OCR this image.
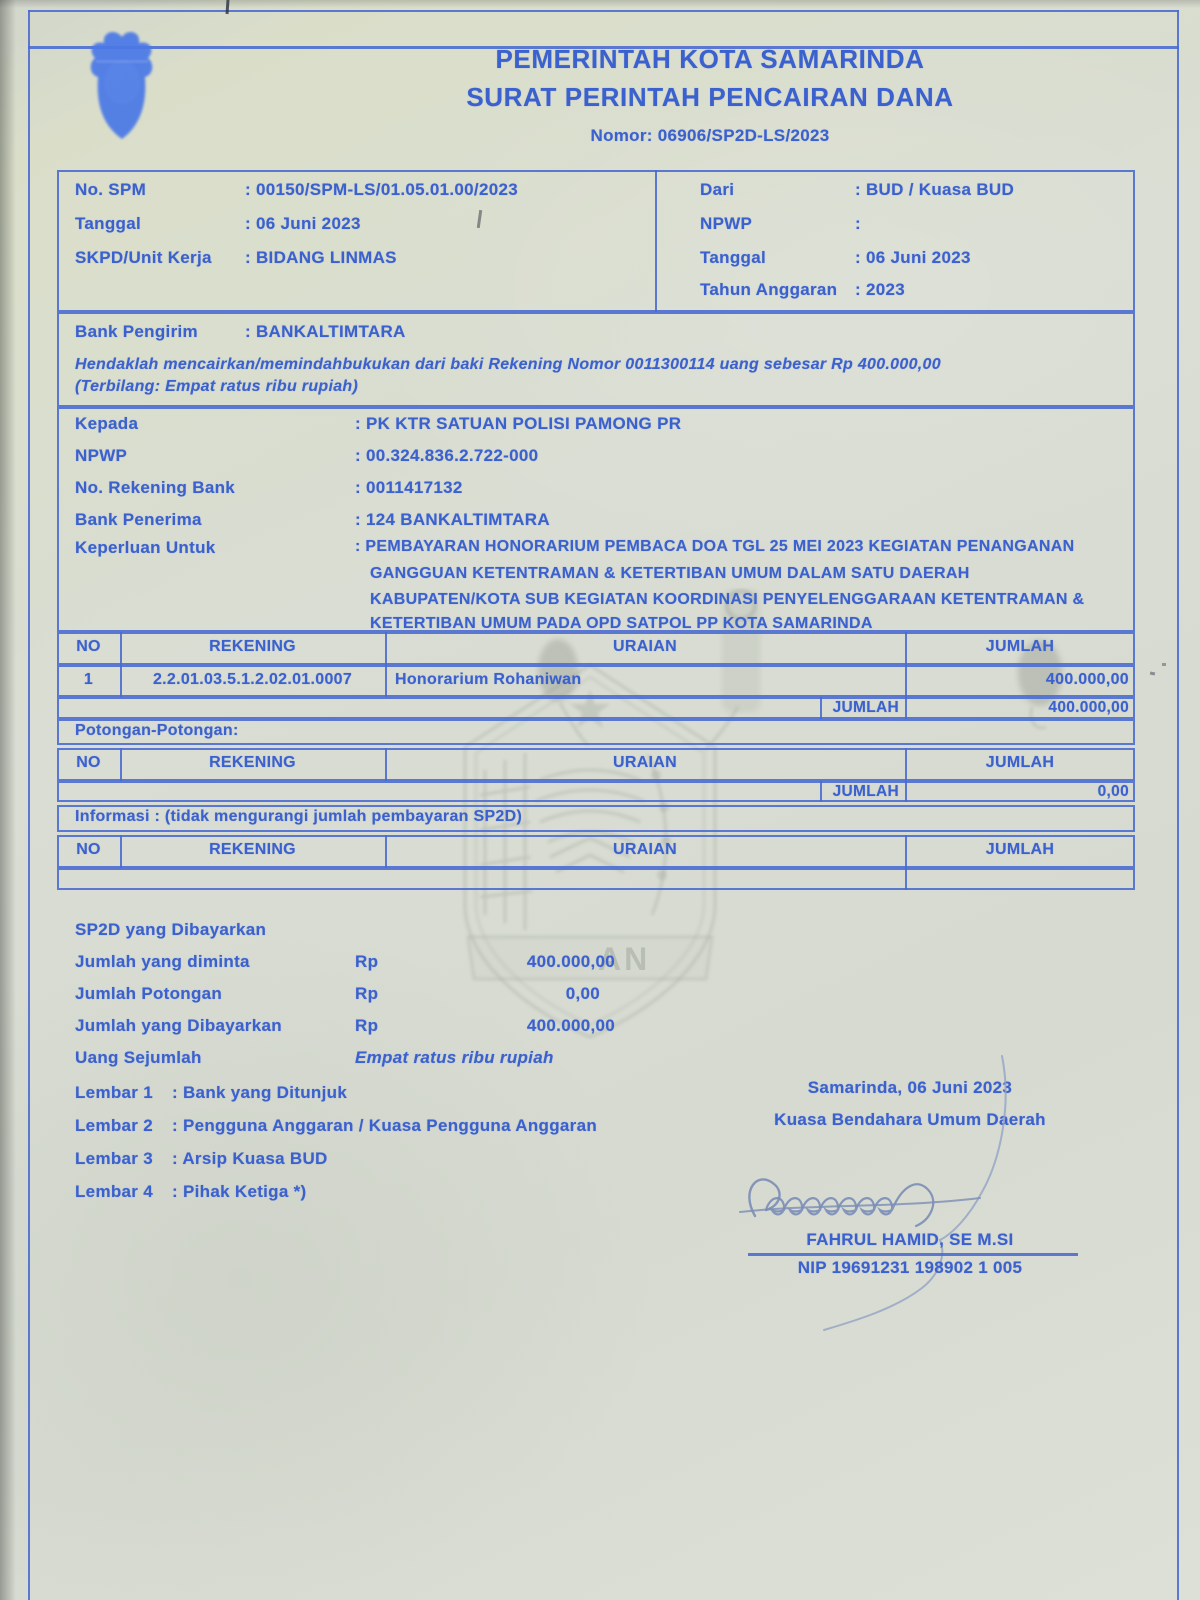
AN
PEMERINTAH KOTA SAMARINDA
SURAT PERINTAH PENCAIRAN DANA
Nomor: 06906/SP2D-LS/2023
No. SPM	: 00150/SPM-LS/01.05.01.00/2023
Tanggal	: 06 Juni 2023
SKPD/Unit Kerja : BIDANG LINMAS
Dari	: BUD / Kuasa BUD
NPWP	:
Tanggal	: 06 Juni 2023
Tahun Anggaran : 2023
Bank Pengirim	: BANKALTIMTARA
Hendaklah mencairkan/memindahbukukan dari baki Rekening Nomor 0011300114 uang sebesar Rp 400.000,00
(Terbilang: Empat ratus ribu rupiah)
Kepada	: PK KTR SATUAN POLISI PAMONG PR
NPWP	: 00.324.836.2.722-000
No. Rekening Bank	: 0011417132
Bank Penerima	: 124 BANKALTIMTARA
Keperluan Untuk	: PEMBAYARAN HONORARIUM PEMBACA DOA TGL 25 MEI 2023 KEGIATAN PENANGANAN
GANGGUAN KETENTRAMAN & KETERTIBAN UMUM DALAM SATU DAERAH
KABUPATEN/KOTA SUB KEGIATAN KOORDINASI PENYELENGGARAAN KETENTRAMAN &
KETERTIBAN UMUM PADA OPD SATPOL PP KOTA SAMARINDA
NO	REKENING	URAIAN	JUMLAH
1	2.2.01.03.5.1.2.02.01.0007	Honorarium Rohaniwan	400.000,00
JUMLAH	400.000,00
Potongan-Potongan:
NO	REKENING	URAIAN	JUMLAH
JUMLAH	0,00
Informasi : (tidak mengurangi jumlah pembayaran SP2D)
NO	REKENING	URAIAN	JUMLAH
SP2D yang Dibayarkan
Jumlah yang diminta	Rp	400.000,00
Jumlah Potongan	Rp	0,00
Jumlah yang Dibayarkan	Rp	400.000,00
Uang Sejumlah	Empat ratus ribu rupiah
Lembar 1 : Bank yang Ditunjuk
Lembar 2 : Pengguna Anggaran / Kuasa Pengguna Anggaran
Lembar 3 : Arsip Kuasa BUD
Lembar 4 : Pihak Ketiga *)
Samarinda, 06 Juni 2023
Kuasa Bendahara Umum Daerah
FAHRUL HAMID, SE M.SI
NIP 19691231 198902 1 005
